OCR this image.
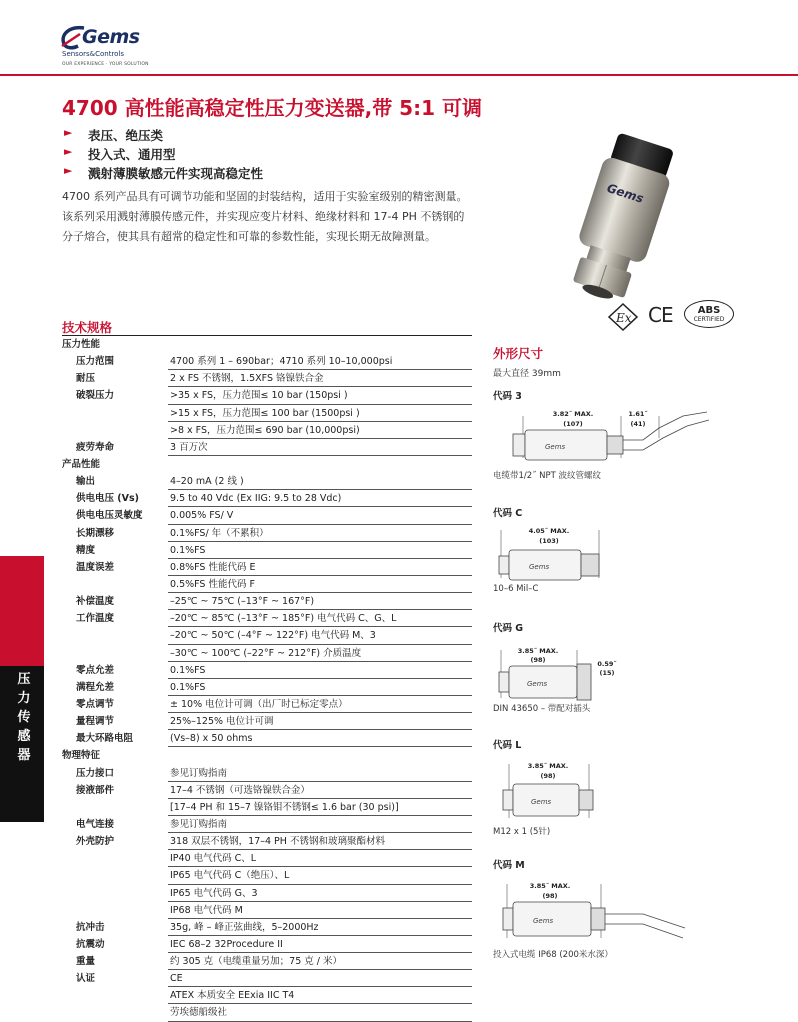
Gems
Sensors&Controls
OUR EXPERIENCE · YOUR SOLUTION
4700 高性能高稳定性压力变送器,带 5:1 可调
► 表压、绝压类
► 投入式、通用型
► 溅射薄膜敏感元件实现高稳定性
4700 系列产品具有可调节功能和坚固的封装结构，适用于实验室级别的精密测量。该系列采用溅射薄膜传感元件，并实现应变片材料、绝缘材料和 17-4 PH 不锈钢的分子熔合，使其具有超常的稳定性和可靠的参数性能，实现长期无故障测量。
Gems
Ex CE	ABS
CERTIFIED
压力传感器
技术规格
压力性能
压力范围	4700 系列 1 – 690bar；4710 系列 10–10,000psi
耐压	2 x FS 不锈钢，1.5XFS 铬镍铁合金
破裂压力	>35 x FS，压力范围≤ 10 bar (150psi )
>15 x FS，压力范围≤ 100 bar (1500psi )
>8 x FS，压力范围≤ 690 bar (10,000psi)
疲劳寿命	3 百万次
产品性能
输出	4–20 mA (2 线 )
供电电压 (Vs)	9.5 to 40 Vdc (Ex IIG: 9.5 to 28 Vdc)
供电电压灵敏度	0.005% FS/ V
长期漂移	0.1%FS/ 年（不累积）
精度	0.1%FS
温度误差	0.8%FS 性能代码 E
0.5%FS 性能代码 F
补偿温度	–25℃ ~ 75℃ (–13°F ~ 167°F)
工作温度	–20℃ ~ 85℃ (–13°F ~ 185°F) 电气代码 C、G、L
–20℃ ~ 50℃ (–4°F ~ 122°F) 电气代码 M、3
–30℃ ~ 100℃ (–22°F ~ 212°F) 介质温度
零点允差	0.1%FS
满程允差	0.1%FS
零点调节	± 10% 电位计可调（出厂时已标定零点）
量程调节	25%–125% 电位计可调
最大环路电阻	(Vs–8) x 50 ohms
物理特征
压力接口	参见订购指南
接液部件	17–4 不锈钢（可选铬镍铁合金）
[17–4 PH 和 15–7 镍铬钼不锈钢≤ 1.6 bar (30 psi)]
电气连接	参见订购指南
外壳防护	318 双层不锈钢，17–4 PH 不锈钢和玻璃聚酯材料
IP40 电气代码 C、L
IP65 电气代码 C（绝压）、L
IP65 电气代码 G、3
IP68 电气代码 M
抗冲击	35g, 峰 – 峰正弦曲线，5–2000Hz
抗震动	IEC 68–2 32Procedure II
重量	约 305 克（电缆重量另加；75 克 / 米）
认证	CE
ATEX 本质安全 EExia IIC T4
劳埃德船级社
外形尺寸
最大直径 39mm
代码 3
3.82˝ MAX.
(107)
1.61˝
(41)
Gems
电缆带1/2˝ NPT 波纹管螺纹
代码 C
4.05˝ MAX.
(103)
Gems
10–6 Mil–C
代码 G
3.85˝ MAX.
(98)	0.59˝
(15)
Gems
DIN 43650 – 带配对插头
代码 L
3.85˝ MAX.
(98)
Gems
M12 x 1 (5针)
代码 M
3.85˝ MAX.
(98)
Gems
投入式电缆 IP68 (200米水深）
